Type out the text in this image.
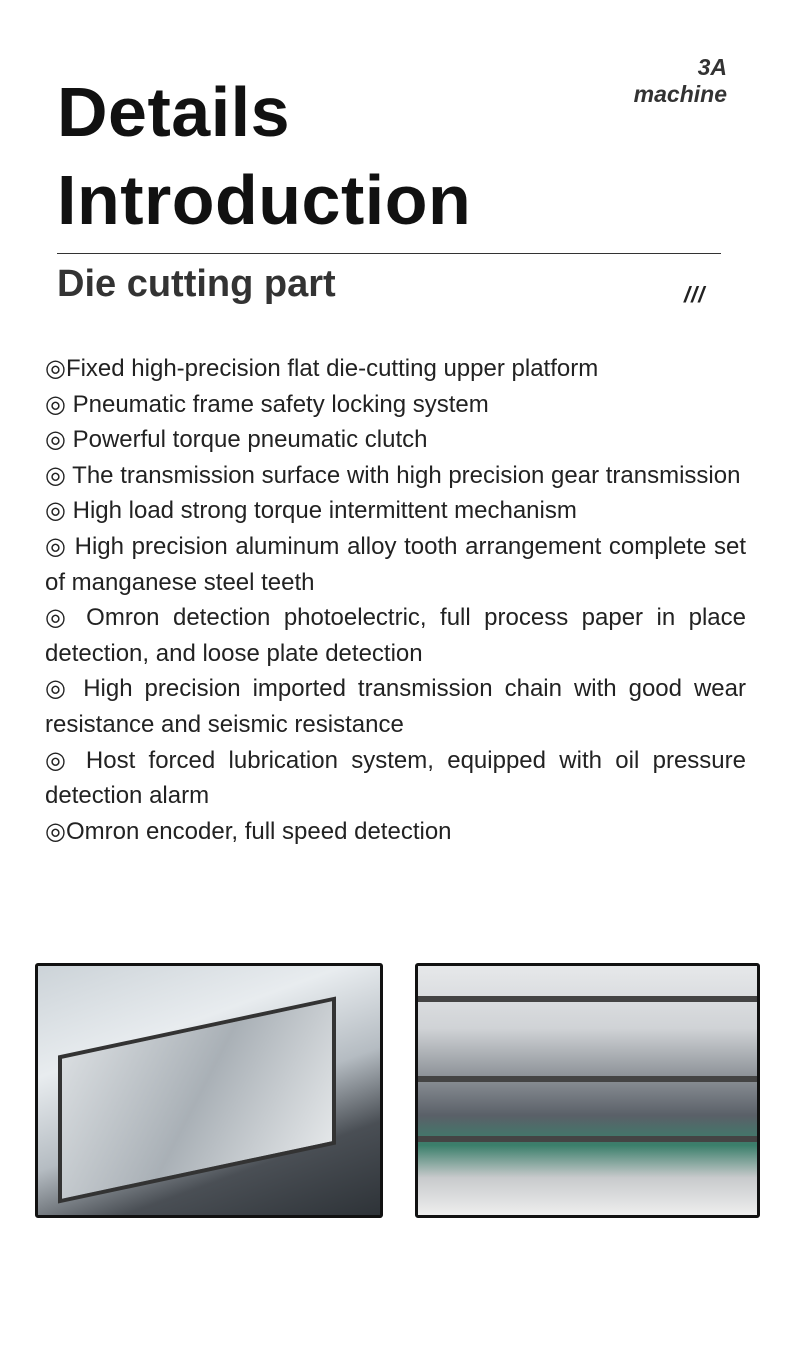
Details
Introduction
3A
machine
Die cutting part	///

◎Fixed high-precision flat die-cutting upper platform

◎ Pneumatic frame safety locking system

◎ Powerful torque pneumatic clutch

◎ The transmission surface with high precision gear transmission

◎ High load strong torque intermittent mechanism

◎ High precision aluminum alloy tooth arrangement complete set of manganese steel teeth

◎ Omron detection photoelectric, full process paper in place detection, and loose plate detection

◎ High precision imported transmission chain with good wear resistance and seismic resistance

◎ Host forced lubrication system, equipped with oil pressure detection alarm

◎Omron encoder, full speed detection
